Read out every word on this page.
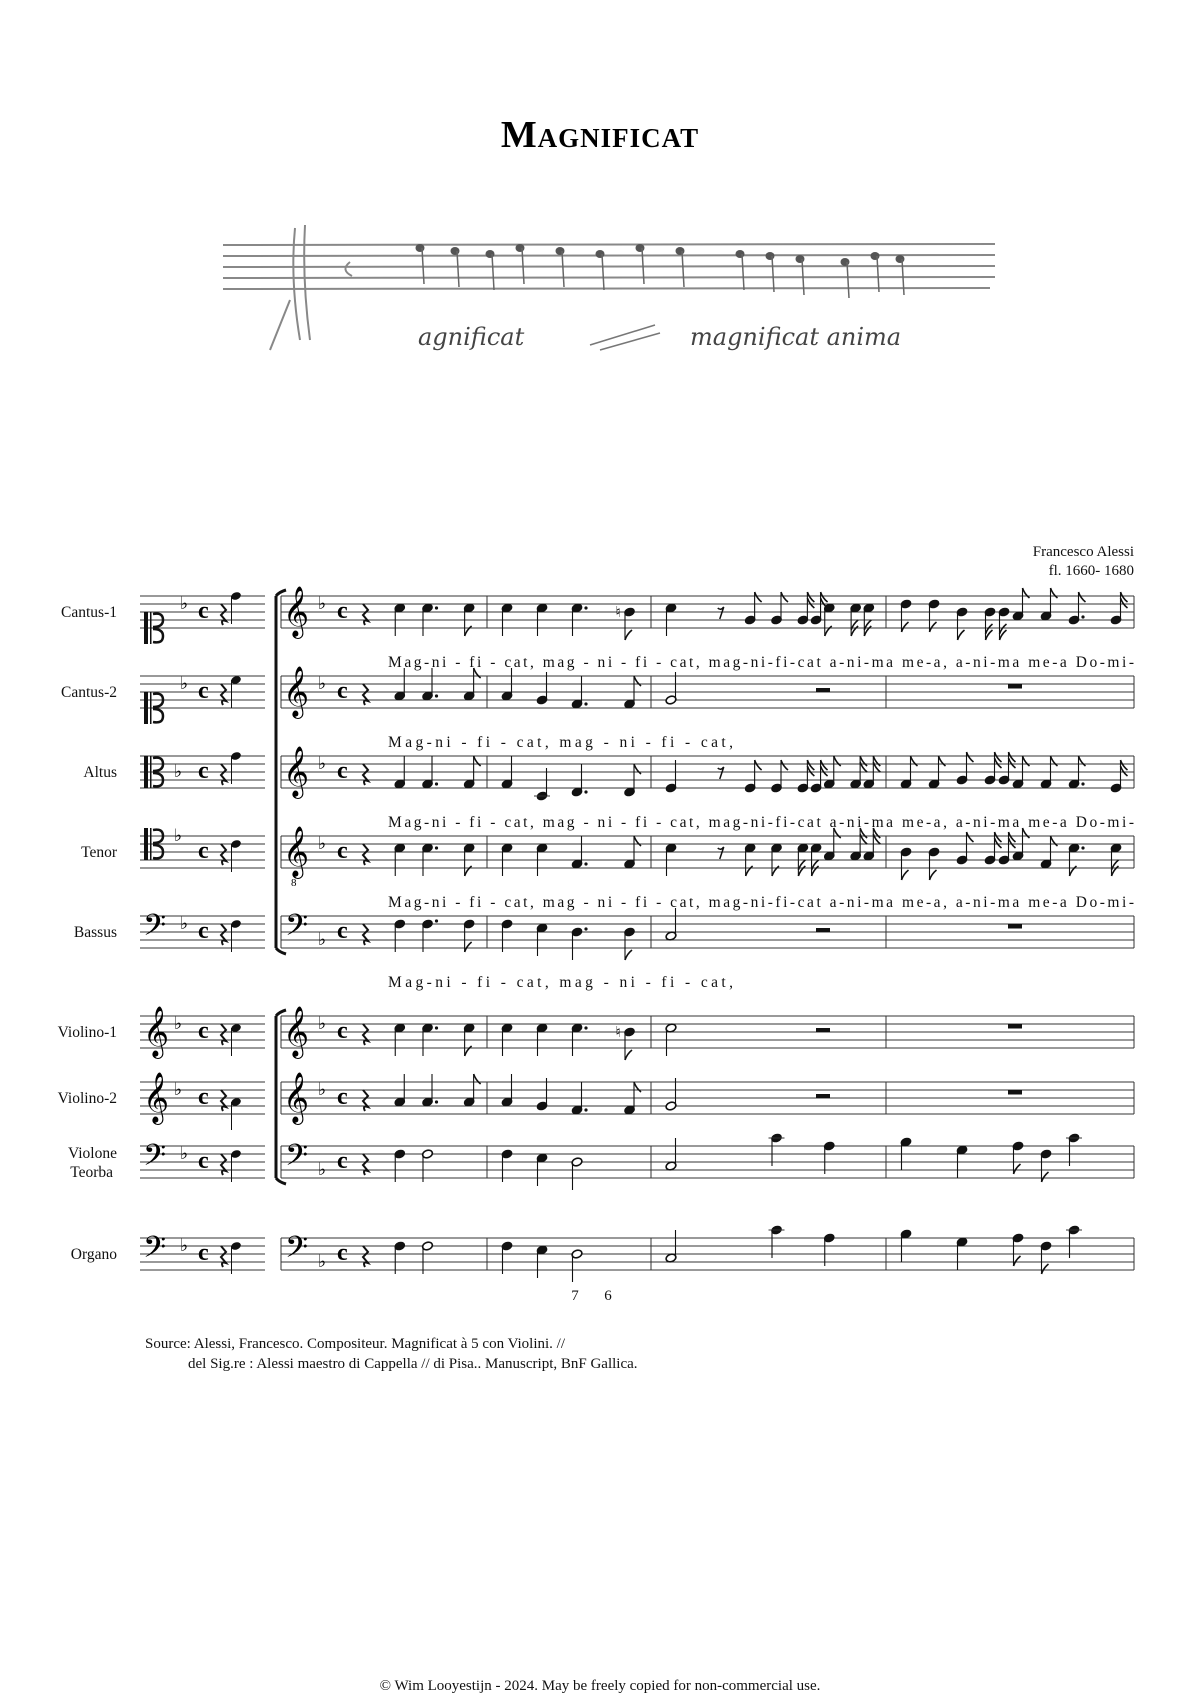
Magnificat
agnificat	magnificat anima
Francesco Alessi
fl. 1660- 1680
Cantus-1	♭ c 𝄞 ♭ c	♮
Mag-ni - fi - cat, mag - ni - fi - cat, mag-ni-fi-cat a-ni-ma me-a, a-ni-ma me-a Do-mi-
Cantus-2	♭ c 𝄞 ♭ c
Mag-ni - fi - cat, mag - ni - fi - cat,
Altus	♭ c 𝄞 ♭ c
Mag-ni - fi - cat, mag - ni - fi - cat, mag-ni-fi-cat a-ni-ma me-a, a-ni-ma me-a Do-mi-
Tenor
♭
c 𝄞
8
♭ c
Mag-ni - fi - cat, mag - ni - fi - cat, mag-ni-fi-cat a-ni-ma me-a, a-ni-ma me-a Do-mi-
Bassus 𝄢 ♭ c 𝄢 ♭ c
Mag-ni - fi - cat, mag - ni - fi - cat,
Violino-1 𝄞 ♭ c 𝄞 ♭ c	♮
Violino-2 𝄞 ♭ c 𝄞 ♭ c
Violone
Teorba 𝄢 ♭ c 𝄢 ♭ c
Organo 𝄢 ♭ c 𝄢 ♭ c
7 6
Source: Alessi, Francesco. Compositeur. Magnificat à 5 con Violini. //
del Sig.re : Alessi maestro di Cappella // di Pisa.. Manuscript, BnF Gallica.
© Wim Looyestijn - 2024. May be freely copied for non-commercial use.
